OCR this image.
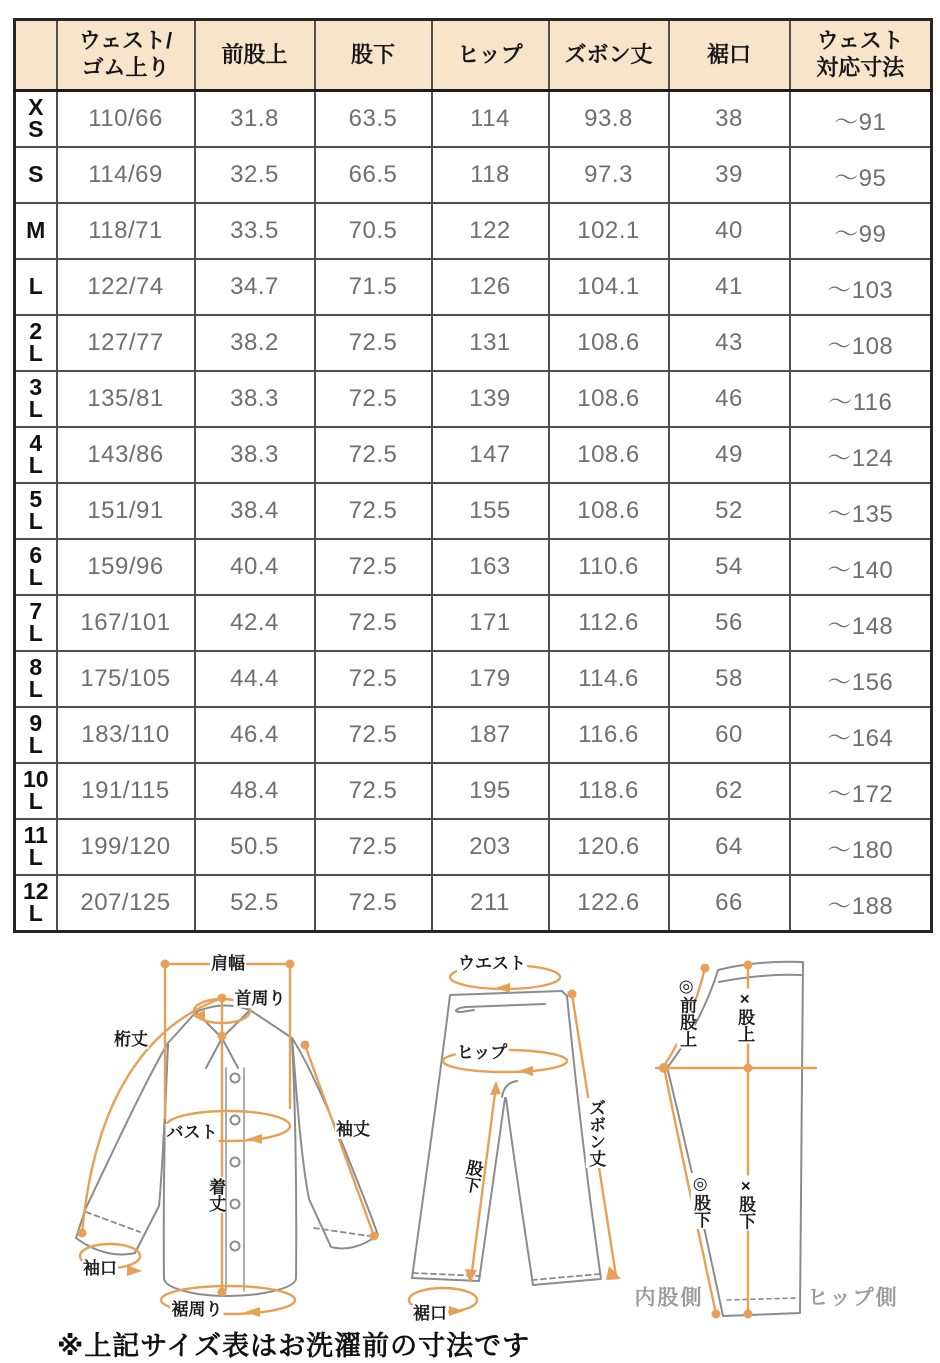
	ウェスト/
ゴム上り	前股上	股下	ヒップ	ズボン丈	裾口	ウェスト
対応寸法
X
S	110/66	31.8	63.5	114	93.8	38	〜91
S	114/69	32.5	66.5	118	97.3	39	〜95
M	118/71	33.5	70.5	122	102.1	40	〜99
L	122/74	34.7	71.5	126	104.1	41	〜103
2
L	127/77	38.2	72.5	131	108.6	43	〜108
3
L	135/81	38.3	72.5	139	108.6	46	〜116
4
L	143/86	38.3	72.5	147	108.6	49	〜124
5
L	151/91	38.4	72.5	155	108.6	52	〜135
6
L	159/96	40.4	72.5	163	110.6	54	〜140
7
L	167/101	42.4	72.5	171	112.6	56	〜148
8
L	175/105	44.4	72.5	179	114.6	58	〜156
9
L	183/110	46.4	72.5	187	116.6	60	〜164
10
L	191/115	48.4	72.5	195	118.6	62	〜172
11
L	199/120	50.5	72.5	203	120.6	64	〜180
12
L	207/125	52.5	72.5	211	122.6	66	〜188
肩幅
首周り
桁丈
バスト	袖丈
着丈
袖口
裾周り
ウエスト
ヒップ
ズボン丈
股下
裾口
◎前股上 ×股上
◎股下 ×股下
内股側	ヒップ側
※上記サイズ表はお洗濯前の寸法です
